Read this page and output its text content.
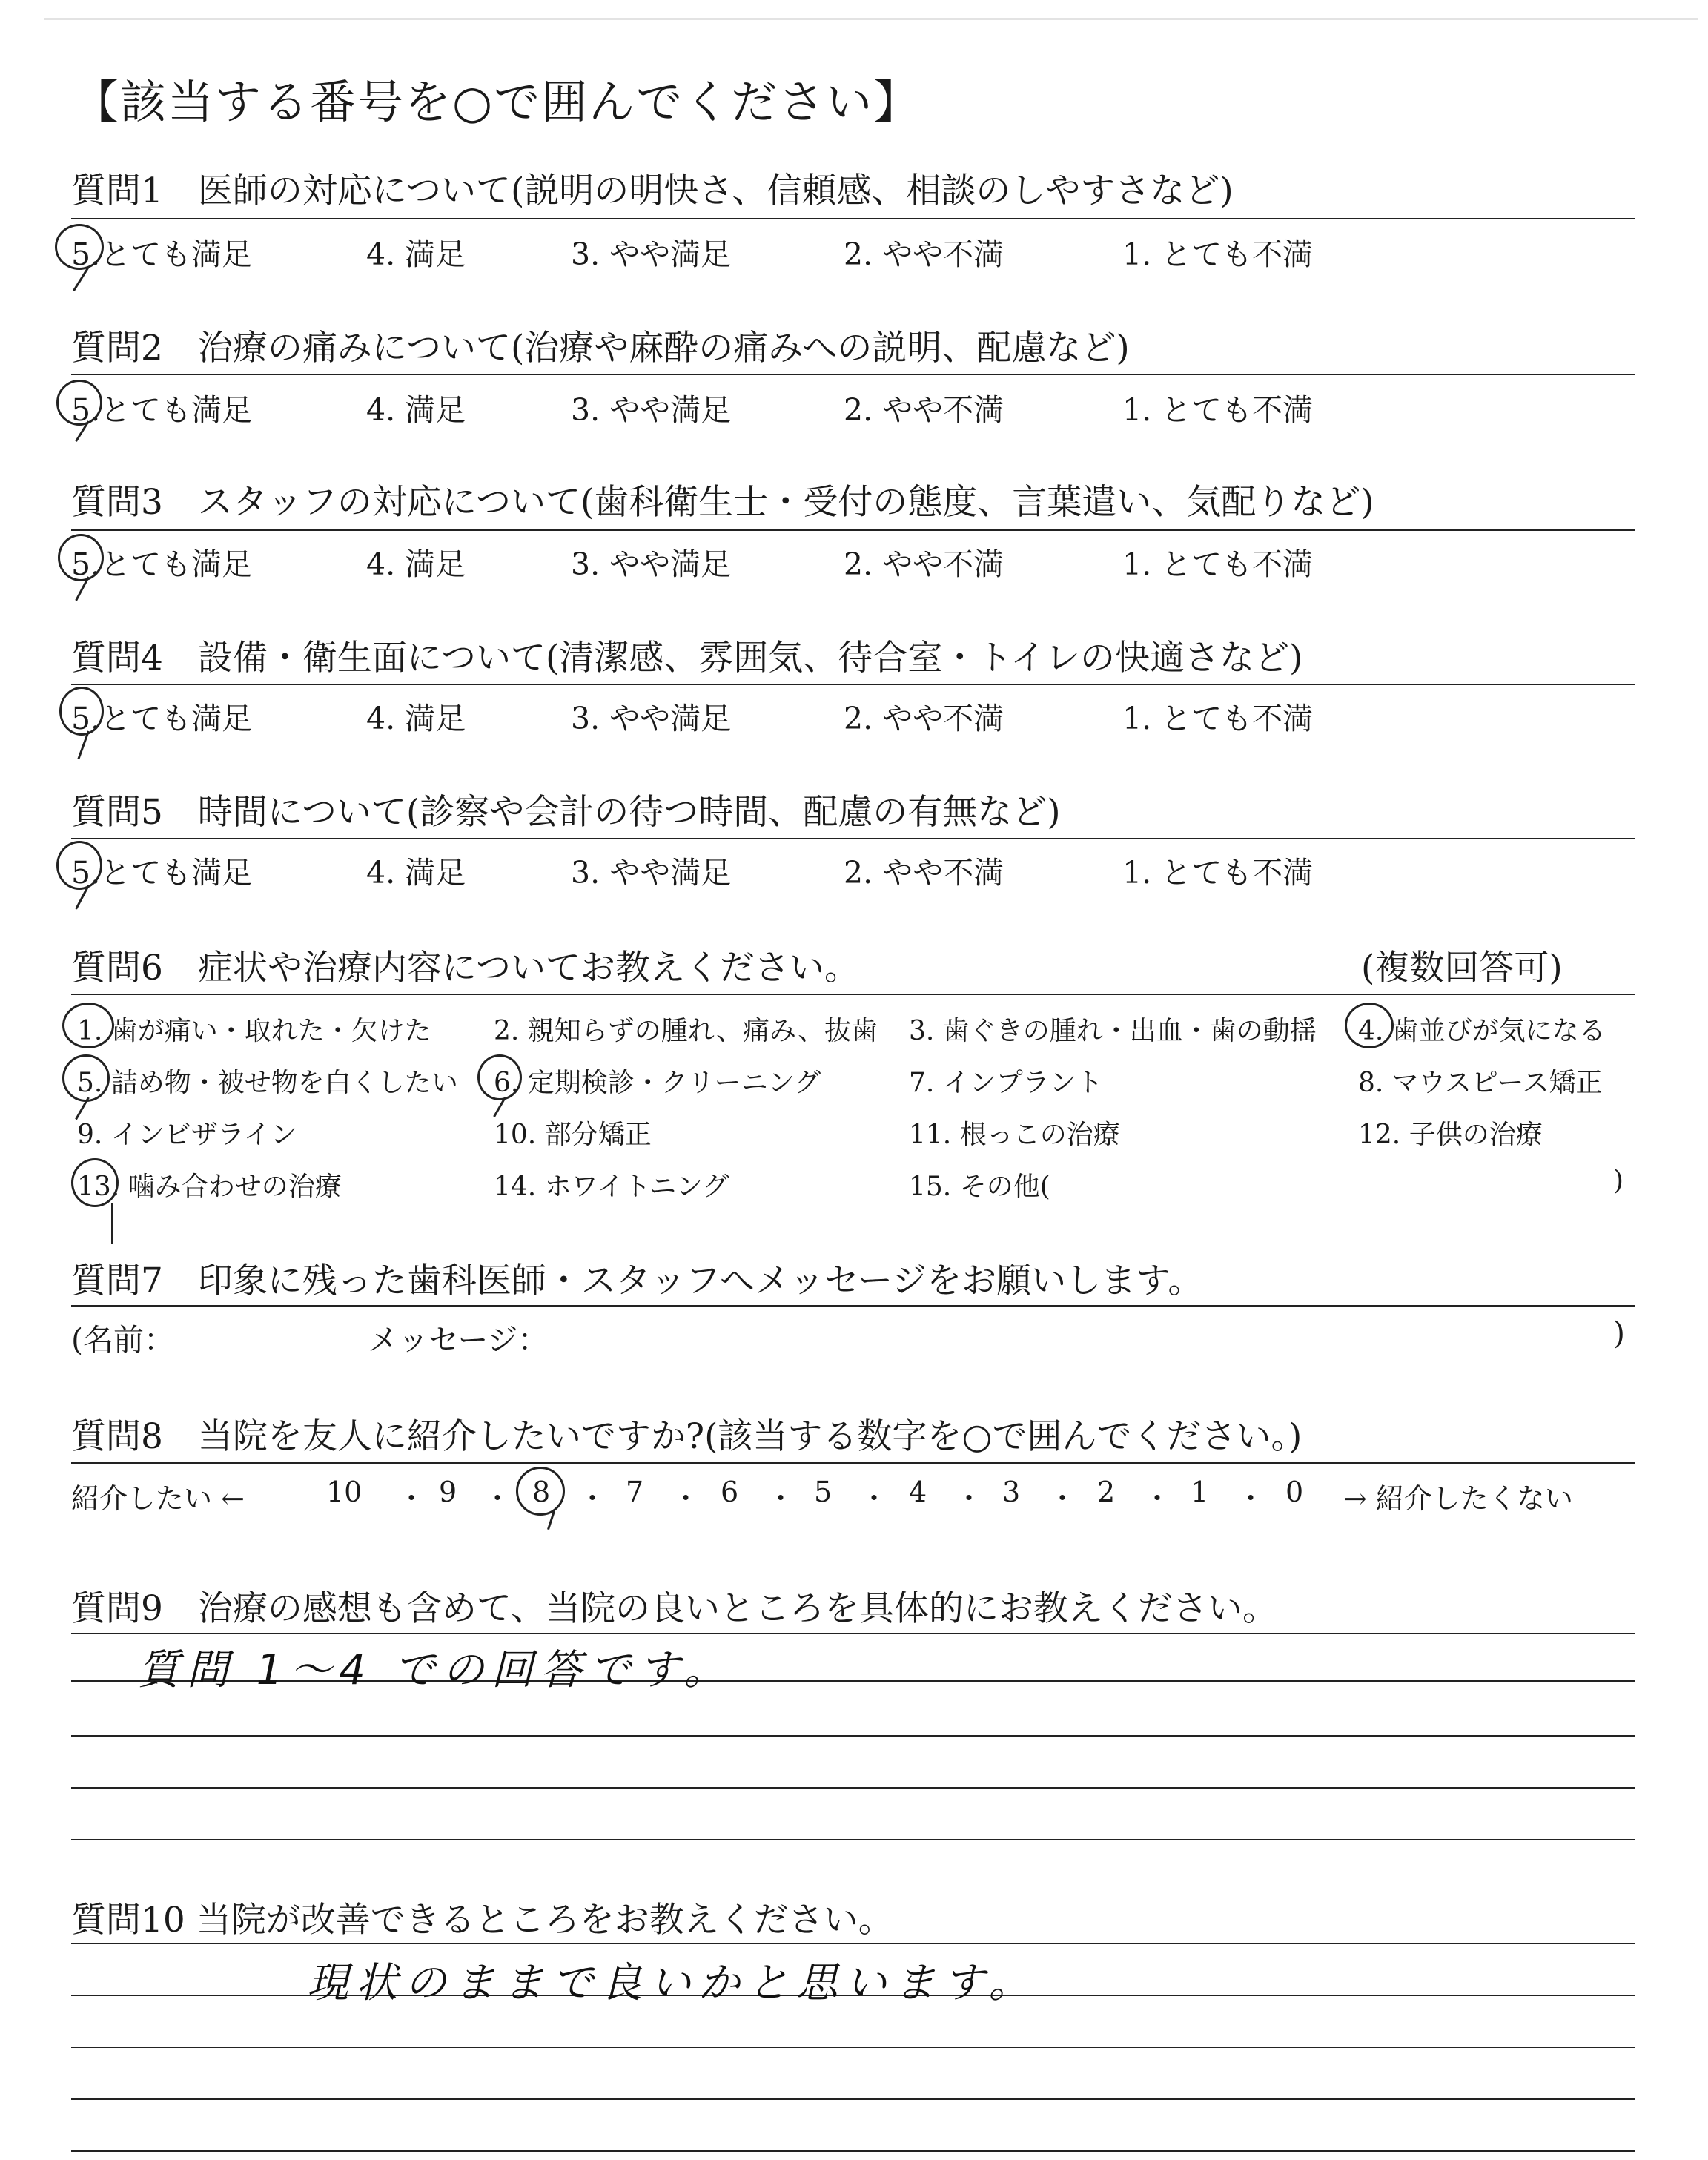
【該当する番号を○で囲んでください】
質問1　医師の対応について(説明の明快さ、信頼感、相談のしやすさなど)
5.とても満足	4. 満足	3. やや満足	2. やや不満	1. とても不満
質問2　治療の痛みについて(治療や麻酔の痛みへの説明、配慮など)
5.とても満足	4. 満足	3. やや満足	2. やや不満	1. とても不満
質問3　スタッフの対応について(歯科衛生士・受付の態度、言葉遣い、気配りなど)
5.とても満足	4. 満足	3. やや満足	2. やや不満	1. とても不満
質問4　設備・衛生面について(清潔感、雰囲気、待合室・トイレの快適さなど)
5.とても満足	4. 満足	3. やや満足	2. やや不満	1. とても不満
質問5　時間について(診察や会計の待つ時間、配慮の有無など)
5.とても満足	4. 満足	3. やや満足	2. やや不満	1. とても不満
質問6　症状や治療内容についてお教えください。	(複数回答可)
1. 歯が痛い・取れた・欠けた 2. 親知らずの腫れ、痛み、抜歯 3. 歯ぐきの腫れ・出血・歯の動揺 4. 歯並びが気になる
5. 詰め物・被せ物を白くしたい 6. 定期検診・クリーニング	7. インプラント	8. マウスピース矯正
9. インビザライン	10. 部分矯正	11. 根っこの治療	12. 子供の治療
13. 噛み合わせの治療	14. ホワイトニング	15. その他(	)
質問7　印象に残った歯科医師・スタッフへメッセージをお願いします。
(名前：	メッセージ：	)
質問8　当院を友人に紹介したいですか?(該当する数字を○で囲んでください。)
紹介したい ←	10 ・ 9 ・ 8 ・ 7 ・ 6 ・ 5 ・ 4 ・ 3 ・ 2 ・ 1 ・ 0 → 紹介したくない
質問9　治療の感想も含めて、当院の良いところを具体的にお教えください。
質問 1〜4 での回答です。
質問10 当院が改善できるところをお教えください。
現状のままで良いかと思います。
